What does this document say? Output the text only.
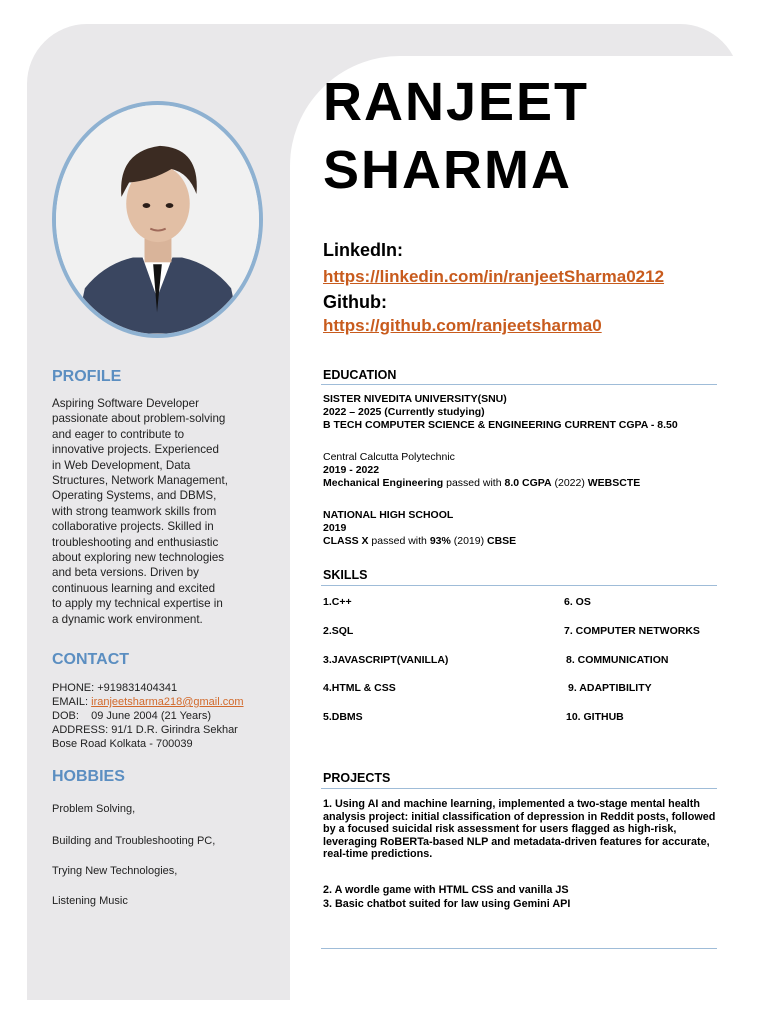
PROFILE

Aspiring Software Developer

passionate about problem-solving

and eager to contribute to

innovative projects. Experienced

in Web Development, Data

Structures, Network Management,

Operating Systems, and DBMS,

with strong teamwork skills from

collaborative projects. Skilled in

troubleshooting and enthusiastic

about exploring new technologies

and beta versions. Driven by

continuous learning and excited

to apply my technical expertise in

a dynamic work environment.

CONTACT
PHONE: +919831404341
EMAIL: iranjeetsharma218@gmail.com
DOB:    09 June 2004 (21 Years)
ADDRESS: 91/1 D.R. Girindra Sekhar
Bose Road Kolkata - 700039
HOBBIES
Problem Solving,
Building and Troubleshooting PC,
Trying New Technologies,
Listening Music
RANJEET
SHARMA
LinkedIn:
https://linkedin.com/in/ranjeetSharma0212
Github:
https://github.com/ranjeetsharma0
EDUCATION
SISTER NIVEDITA UNIVERSITY(SNU)
2022 – 2025 (Currently studying)
B TECH COMPUTER SCIENCE & ENGINEERING CURRENT CGPA - 8.50
Central Calcutta Polytechnic
2019 - 2022
Mechanical Engineering passed with 8.0 CGPA (2022) WEBSCTE
NATIONAL HIGH SCHOOL
2019
CLASS X passed with 93% (2019) CBSE
SKILLS
1.C++
2.SQL
3.JAVASCRIPT(VANILLA)
4.HTML & CSS
5.DBMS
6. OS
7. COMPUTER NETWORKS
8. COMMUNICATION
9. ADAPTIBILITY
10. GITHUB
PROJECTS
1. Using AI and machine learning, implemented a two-stage mental health analysis project: initial classification of depression in Reddit posts, followed by a focused suicidal risk assessment for users flagged as high-risk, leveraging RoBERTa-based NLP and metadata-driven features for accurate, real-time predictions.
2. A wordle game with HTML CSS and vanilla JS
3. Basic chatbot suited for law using Gemini API
